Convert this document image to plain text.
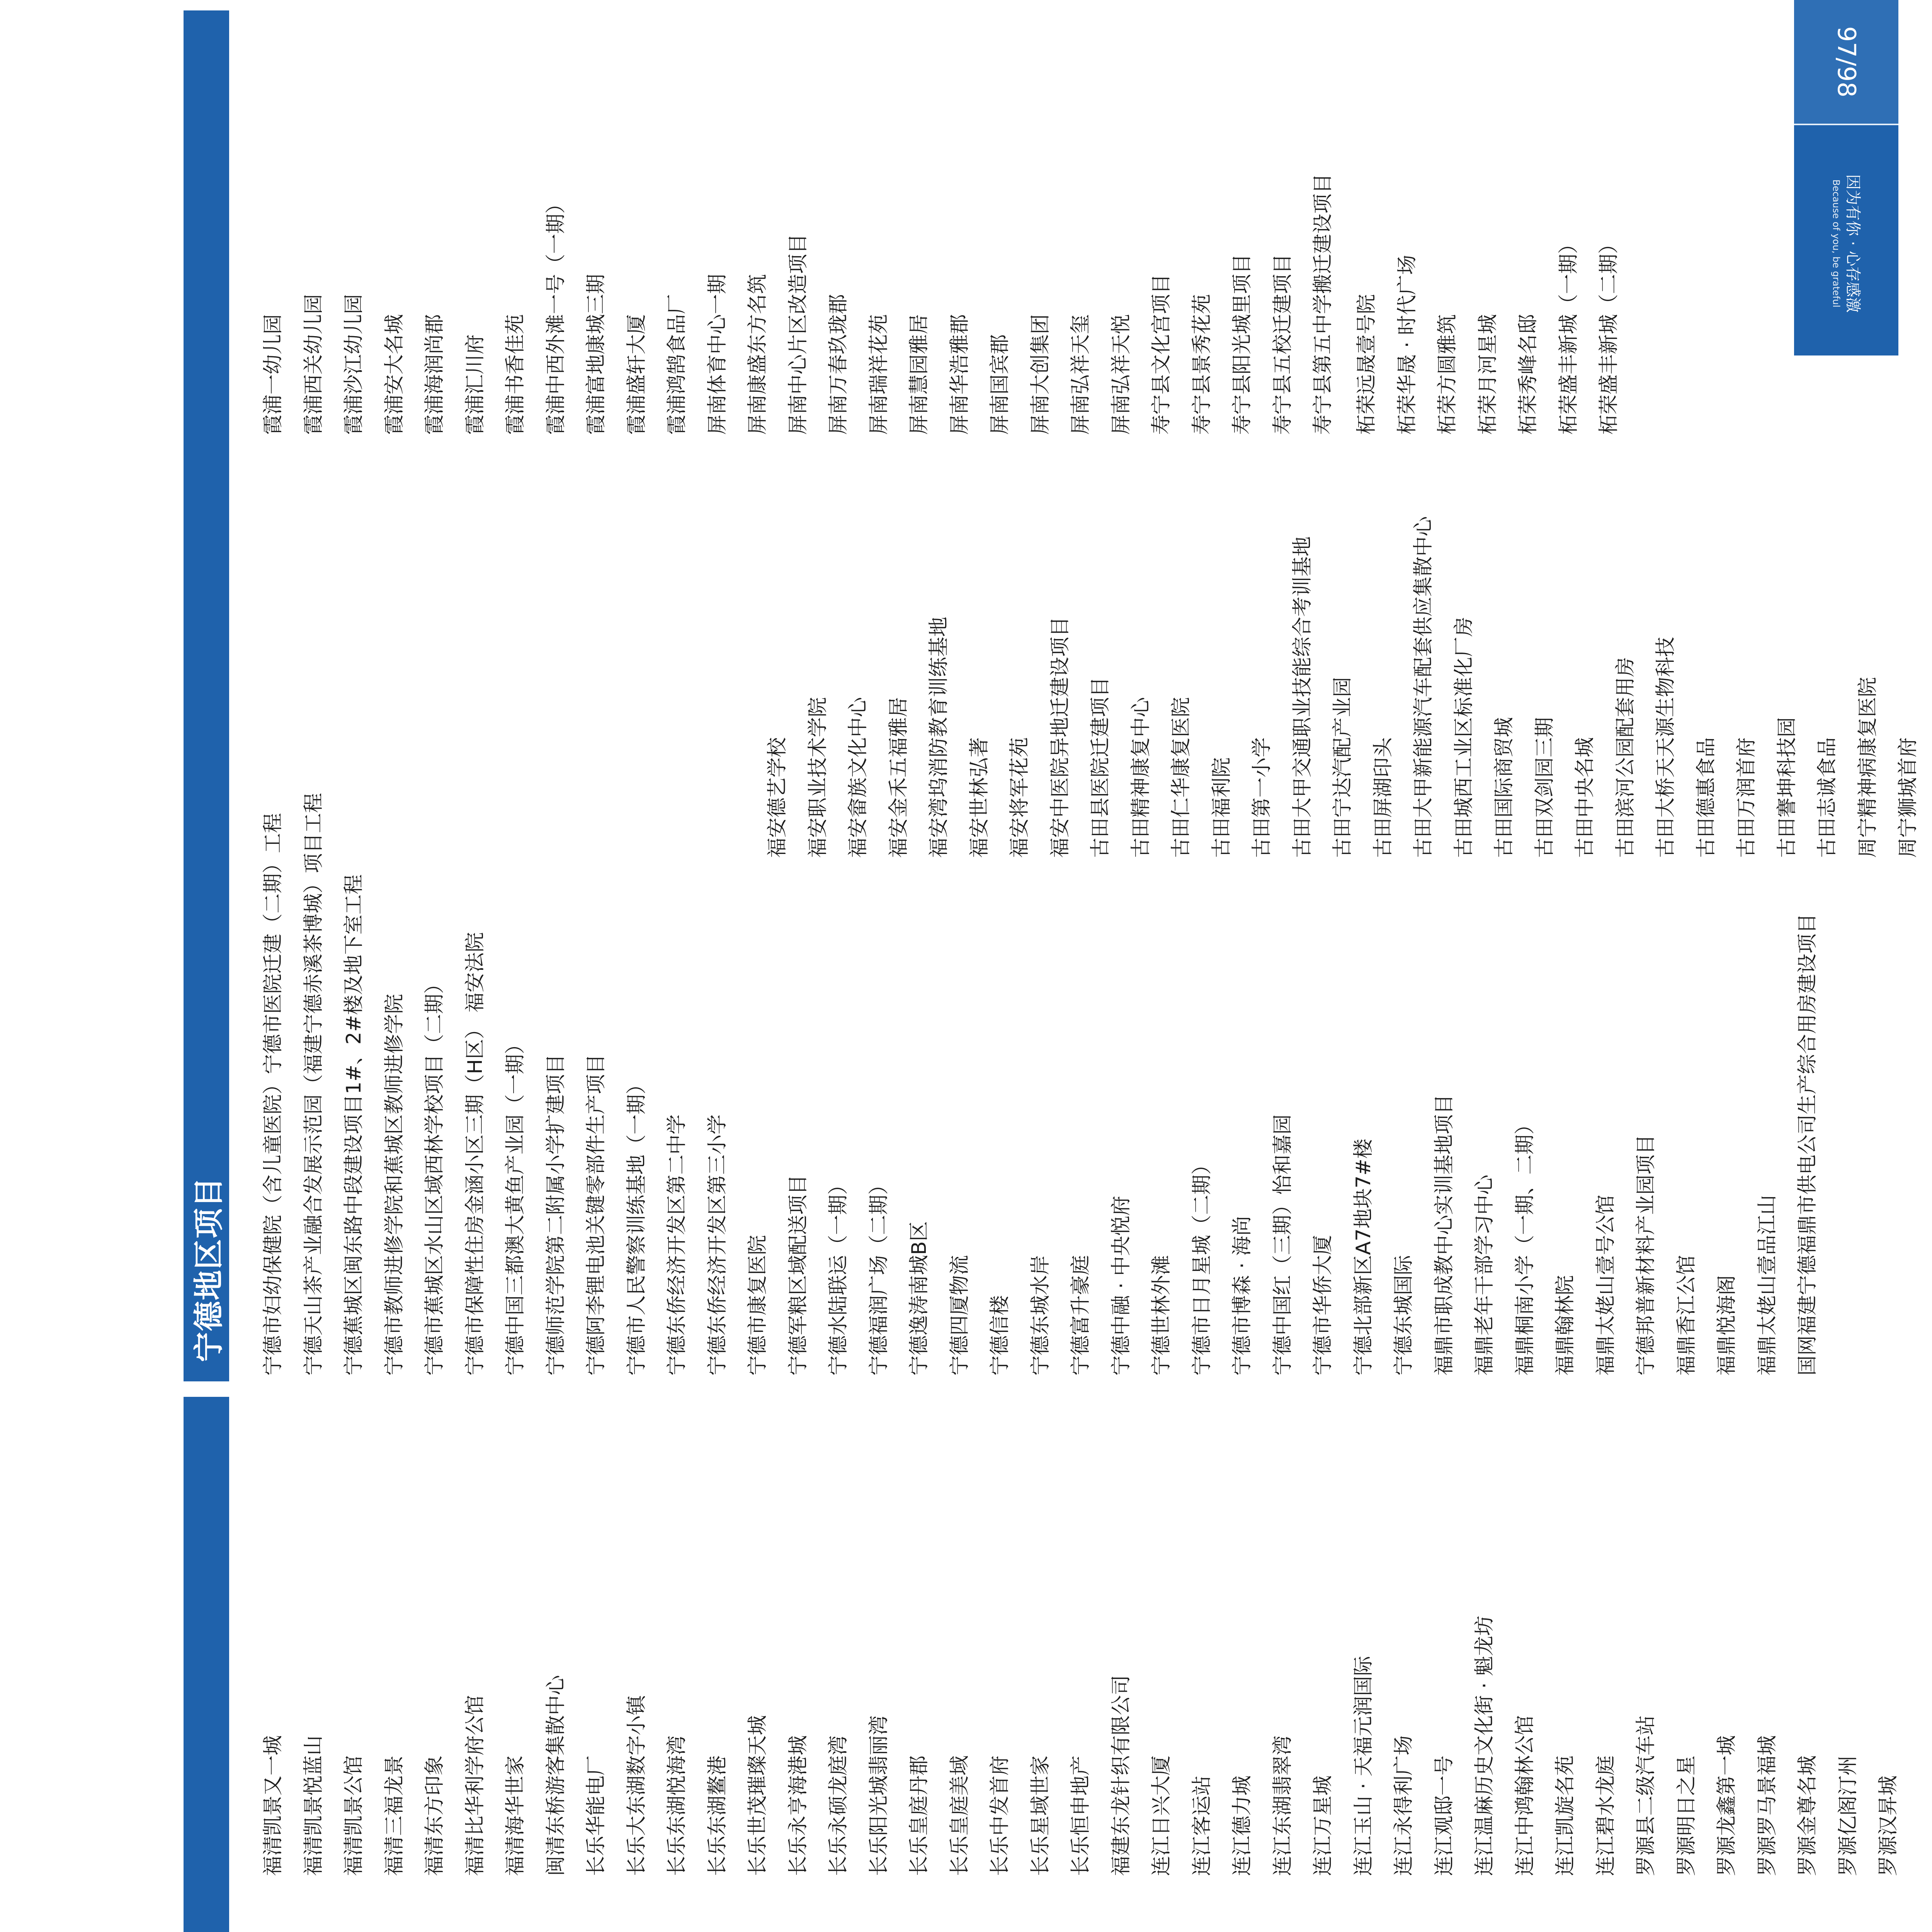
福清凯景又一城 福清凯景悦蓝山 福清凯景公馆 福清三福龙景 福清东方印象 福清比华利学府公馆 福清海华世家 闽清东桥游客集散中心 长乐华能电厂 长乐大东湖数字小镇 长乐东湖悦海湾 长乐东湖鳌港 长乐世茂璀璨天城 长乐永亨海港城 长乐永硕龙庭湾 长乐阳光城翡丽湾 长乐皇庭丹郡 长乐皇庭美域 长乐中发首府 长乐星域世家 长乐恒申地产 福建东龙针织有限公司 连江日兴大厦 连江客运站 连江德力城 连江东湖翡翠湾 连江万星城 连江玉山 · 天福元润国际 连江永得利广场 连江观邸一号 连江温麻历史文化街 · 魁龙坊 连江中鸿翰林公馆 连江凯旋名苑 连江碧水龙庭 罗源县二级汽车站 罗源明日之星 罗源龙鑫第一城 罗源罗马景福城 罗源金尊名城 罗源亿阁汀州 罗源汉昇城
宁德地区项目	宁德市妇幼保健院（含儿童医院）宁德市医院迁建（二期）工程 宁德天山茶产业融合发展示范园（福建宁德赤溪茶博城）项目工程 宁德蕉城区闽东路中段建设项目1#、2#楼及地下室工程 宁德市教师进修学院和蕉城区教师进修学院 宁德市蕉城区水山区域西林学校项目（二期） 宁德市保障性住房金涵小区三期（H区） 福安法院 宁德中国三都澳大黄鱼产业园（一期） 宁德师范学院第二附属小学扩建项目 宁德阿李锂电池关键零部件生产项目 宁德市人民警察训练基地（一期） 宁德东侨经济开发区第二中学 宁德东侨经济开发区第三小学 宁德市康复医院 宁德军粮区域配送项目 宁德水陆联运（一期） 宁德福润广场（二期） 宁德逸涛南城B区 宁德四厦物流 宁德信楼 宁德东城水岸 宁德富升豪庭 宁德中融 · 中央悦府 宁德世林外滩 宁德市日月星城（二期） 宁德市博森 · 海尚 宁德中国红（三期）怡和嘉园 宁德市华侨大厦 宁德北部新区A7地块7#楼 宁德东城国际 福鼎市职成教中心实训基地项目 福鼎老年干部学习中心 福鼎桐南小学（一期、二期） 福鼎翰林院 福鼎太姥山壹号公馆 宁德邦普新材料产业园项目 福鼎香江公馆 福鼎悦海阁 福鼎太姥山壹品江山 国网福建宁德福鼎市供电公司生产综合用房建设项目
福安德艺学校 福安职业技术学院 福安畲族文化中心 福安金禾五福雅居 福安湾坞消防教育训练基地 福安世林弘著 福安将军花苑 福安中医院异地迁建设项目 古田县医院迁建项目 古田精神康复中心 古田仁华康复医院 古田福利院 古田第一小学 古田大甲交通职业技能综合考训基地 古田宁达汽配产业园 古田屏湖印头 古田大甲新能源汽车配套供应集散中心 古田城西工业区标准化厂房 古田国际商贸城 古田双剑园三期 古田中央名城 古田滨河公园配套用房 古田大桥天天源生物科技 古田德惠食品 古田万润首府 古田謇坤科技园 古田志诚食品 周宁精神病康复医院 周宁狮城首府
霞浦一幼儿园 霞浦西关幼儿园 霞浦沙江幼儿园 霞浦安大名城 霞浦海润尚郡 霞浦汇川府 霞浦书香佳苑 霞浦中西外滩一号（一期） 霞浦富地康城三期 霞浦盛轩大厦 霞浦鸿鹄食品厂 屏南体育中心一期 屏南康盛东方名筑 屏南中心片区改造项目 屏南万春玖珑郡 屏南瑞祥花苑 屏南慧园雅居 屏南华浩雅郡 屏南国宾郡 屏南大创集团 屏南弘祥天玺 屏南弘祥天悦 寿宁县文化宫项目 寿宁县景秀花苑 寿宁县阳光城里项目 寿宁县五校迁建项目 寿宁县第五中学搬迁建设项目	柘荣远晟壹号院 柘荣华晟 · 时代广场 柘荣方圆雅筑 柘荣月河星城 柘荣秀峰名邸 柘荣盛丰新城（一期） 柘荣盛丰新城（二期）
97/98
因为有你 · 心存感激
Because of you, be grateful
